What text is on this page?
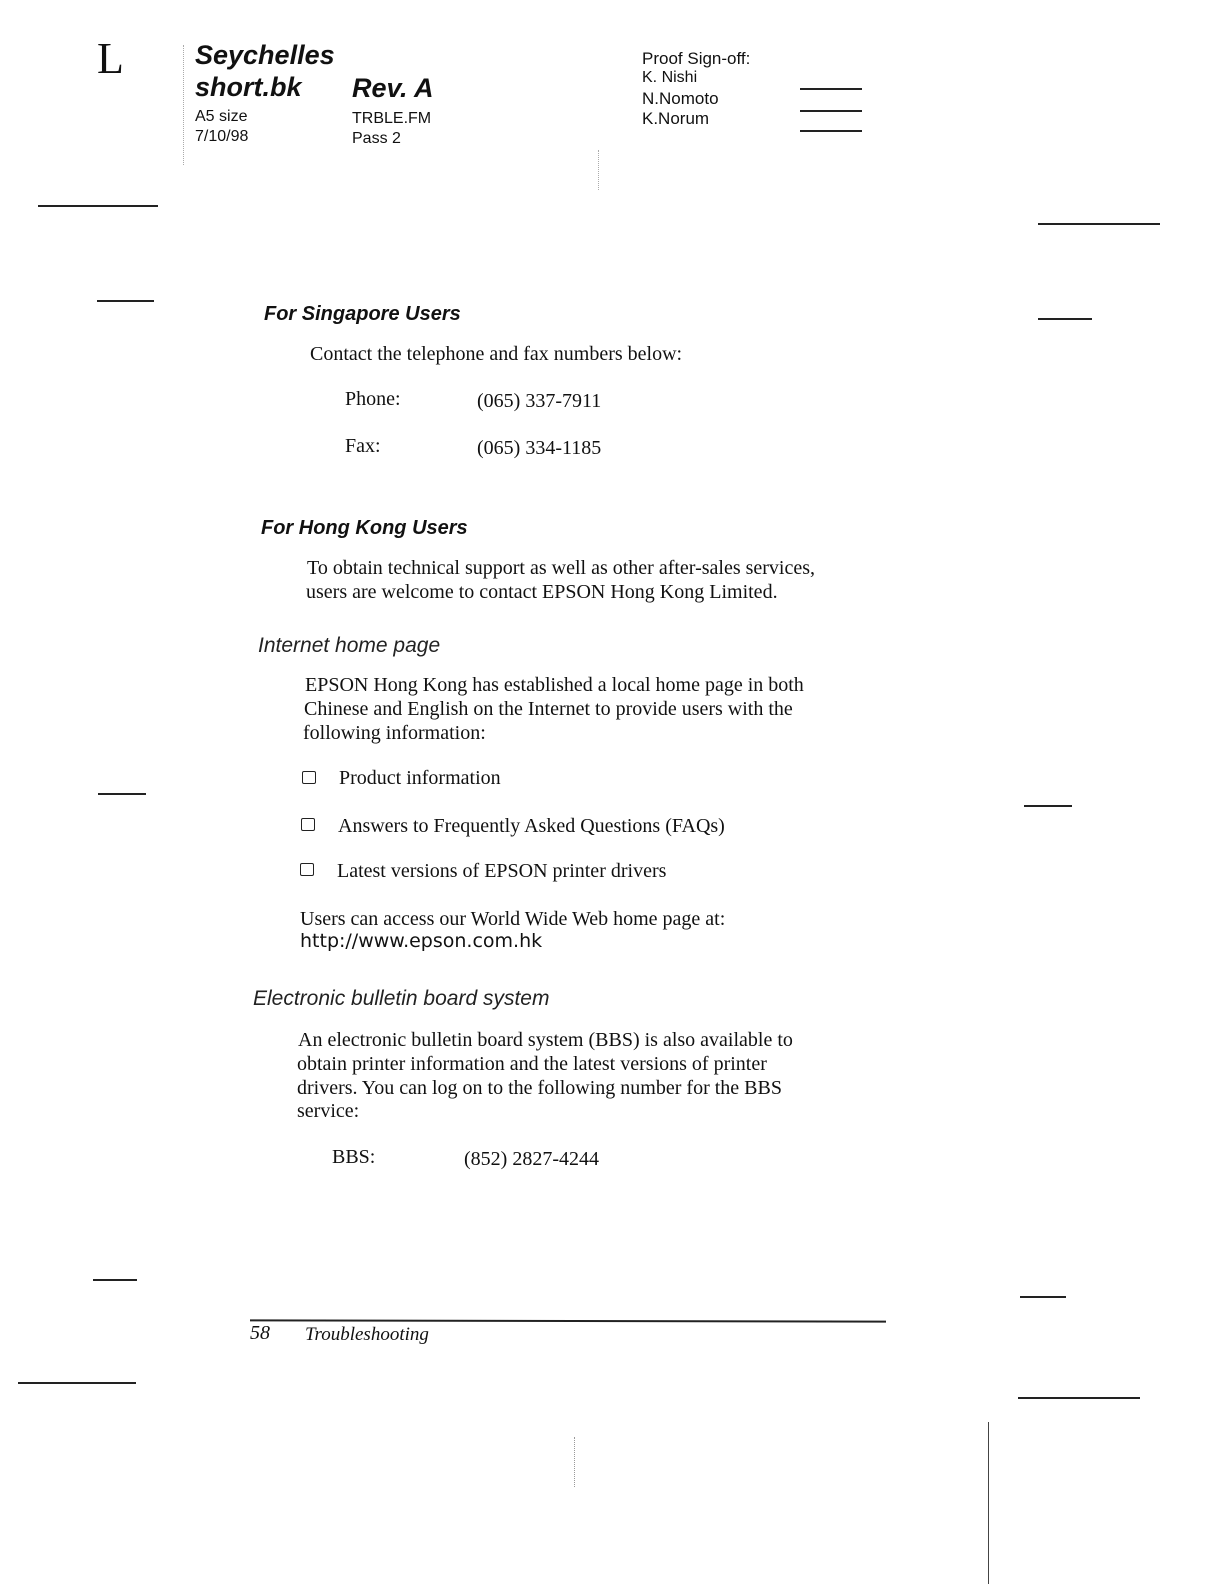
L	Seychelles
short.bk Rev. A
A5 size
7/10/98
TRBLE.FM
Pass 2
Proof Sign-off:
K. Nishi
N.Nomoto
K.Norum
For Singapore Users
Contact the telephone and fax numbers below:
Phone:	(065) 337-7911
Fax:	(065) 334-1185
For Hong Kong Users
To obtain technical support as well as other after-sales services,
users are welcome to contact EPSON Hong Kong Limited.
Internet home page
EPSON Hong Kong has established a local home page in both
Chinese and English on the Internet to provide users with the
following information:
Product information
Answers to Frequently Asked Questions (FAQs)
Latest versions of EPSON printer drivers
Users can access our World Wide Web home page at:
http://www.epson.com.hk
Electronic bulletin board system
An electronic bulletin board system (BBS) is also available to
obtain printer information and the latest versions of printer
drivers. You can log on to the following number for the BBS
service:
BBS:	(852) 2827-4244
58 Troubleshooting
